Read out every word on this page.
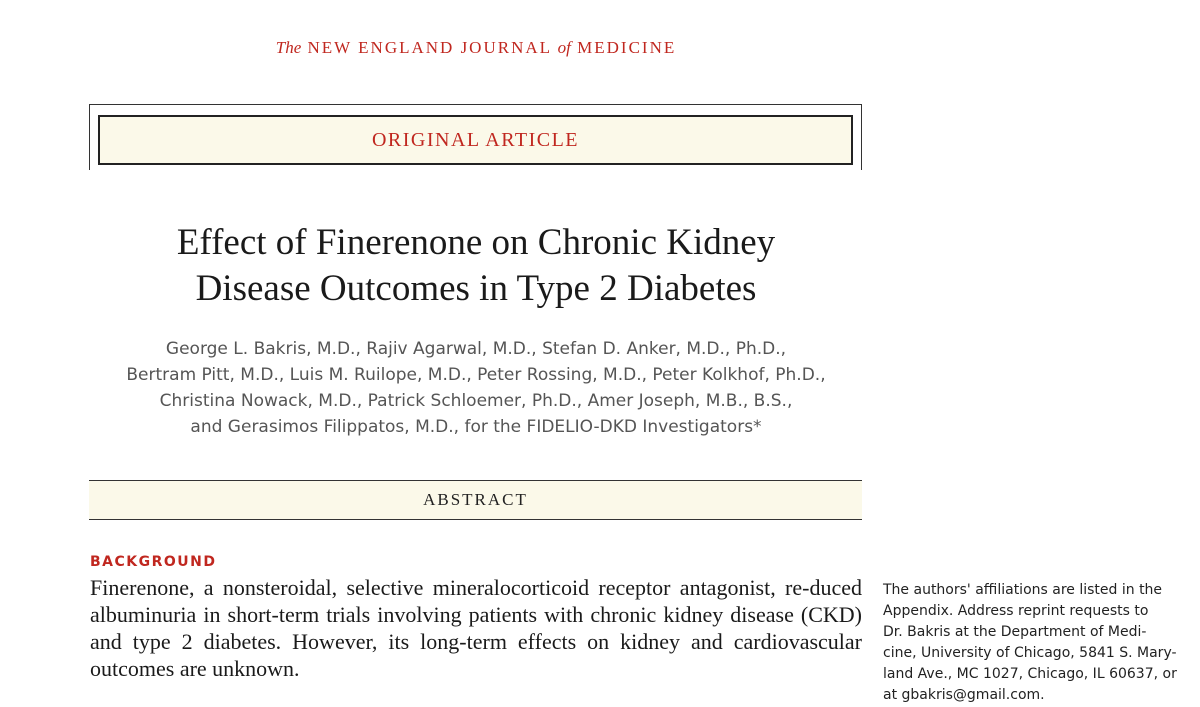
The NEW ENGLAND JOURNAL of MEDICINE
ORIGINAL ARTICLE
Effect of Finerenone on Chronic Kidney
Disease Outcomes in Type 2 Diabetes
George L. Bakris, M.D., Rajiv Agarwal, M.D., Stefan D. Anker, M.D., Ph.D.,
Bertram Pitt, M.D., Luis M. Ruilope, M.D., Peter Rossing, M.D., Peter Kolkhof, Ph.D.,
Christina Nowack, M.D., Patrick Schloemer, Ph.D., Amer Joseph, M.B., B.S.,
and Gerasimos Filippatos, M.D., for the FIDELIO-DKD Investigators*
ABSTRACT
BACKGROUND
Finerenone, a nonsteroidal, selective mineralocorticoid receptor antagonist, re-duced albuminuria in short-term trials involving patients with chronic kidney disease (CKD) and type 2 diabetes. However, its long-term effects on kidney and cardiovascular outcomes are unknown.
The authors' affiliations are listed in the
Appendix. Address reprint requests to
Dr. Bakris at the Department of Medi-
cine, University of Chicago, 5841 S. Mary-
land Ave., MC 1027, Chicago, IL 60637, or
at gbakris@gmail.com.
